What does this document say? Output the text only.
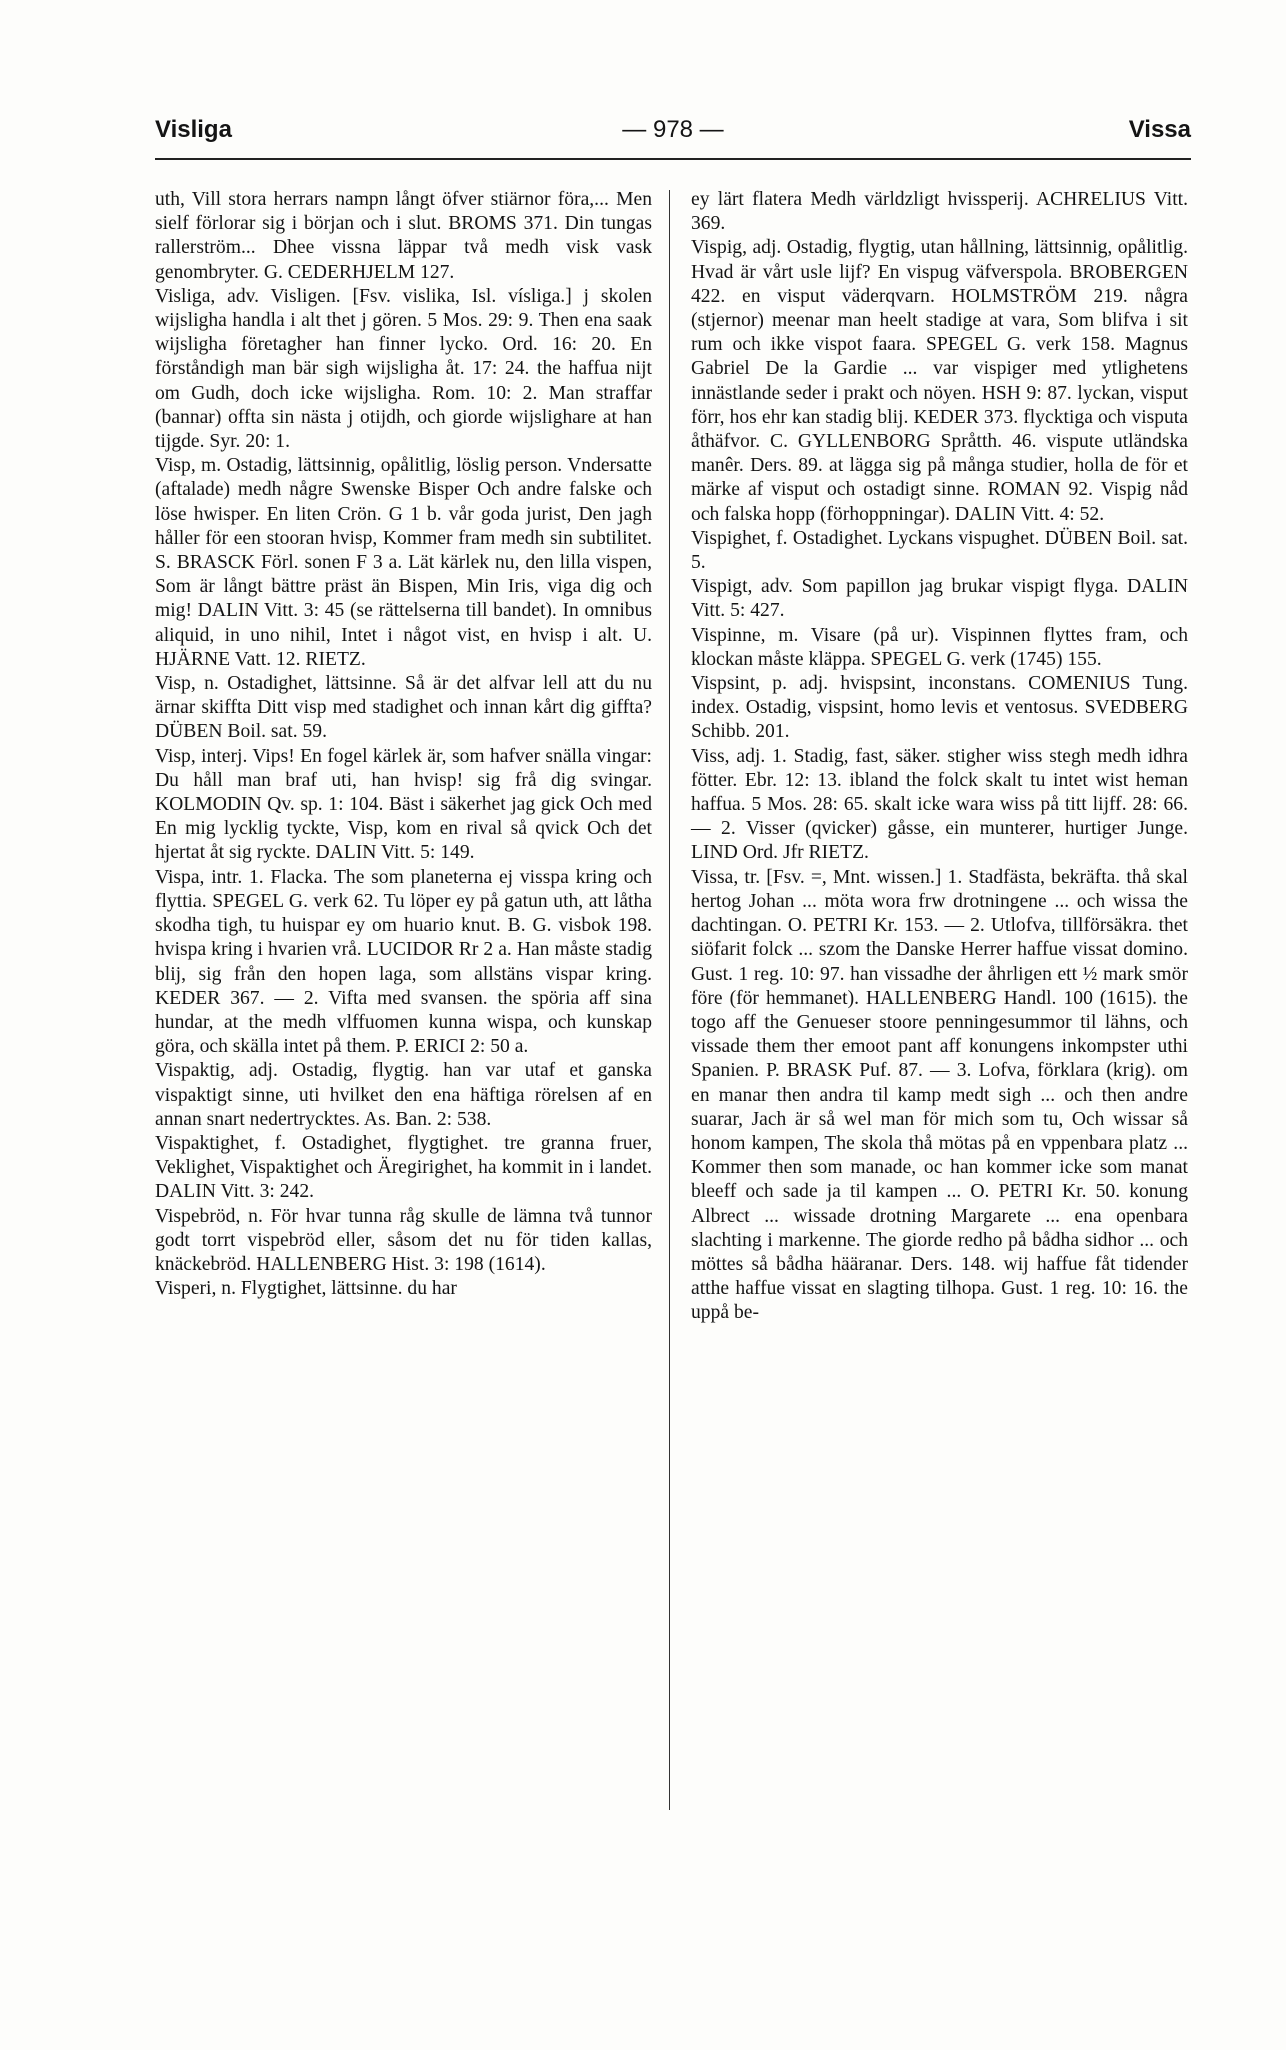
Visliga	— 978 —	Vissa

uth, Vill stora herrars nampn långt öfver stiärnor föra,... Men sielf förlorar sig i början och i slut. BROMS 371. Din tungas rallerström... Dhee vissna läppar två medh visk vask genombryter. G. CEDERHJELM 127.

Visliga, adv. Visligen. [Fsv. vislika, Isl. vísliga.] j skolen wijsligha handla i alt thet j gören. 5 Mos. 29: 9. Then ena saak wijsligha företagher han finner lycko. Ord. 16: 20. En förståndigh man bär sigh wijsligha åt. 17: 24. the haffua nijt om Gudh, doch icke wijsligha. Rom. 10: 2. Man straffar (bannar) offta sin nästa j otijdh, och giorde wijslighare at han tijgde. Syr. 20: 1.

Visp, m. Ostadig, lättsinnig, opålitlig, löslig person. Vndersatte (aftalade) medh någre Swenske Bisper Och andre falske och löse hwisper. En liten Crön. G 1 b. vår goda jurist, Den jagh håller för een stooran hvisp, Kommer fram medh sin subtilitet. S. BRASCK Förl. sonen F 3 a. Lät kärlek nu, den lilla vispen, Som är långt bättre präst än Bispen, Min Iris, viga dig och mig! DALIN Vitt. 3: 45 (se rättelserna till bandet). In omnibus aliquid, in uno nihil, Intet i något vist, en hvisp i alt. U. HJÄRNE Vatt. 12. RIETZ.

Visp, n. Ostadighet, lättsinne. Så är det alfvar lell att du nu ärnar skiffta Ditt visp med stadighet och innan kårt dig giffta? DÜBEN Boil. sat. 59.

Visp, interj. Vips! En fogel kärlek är, som hafver snälla vingar: Du håll man braf uti, han hvisp! sig frå dig svingar. KOLMODIN Qv. sp. 1: 104. Bäst i säkerhet jag gick Och med En mig lycklig tyckte, Visp, kom en rival så qvick Och det hjertat åt sig ryckte. DALIN Vitt. 5: 149.

Vispa, intr. 1. Flacka. The som planeterna ej visspa kring och flyttia. SPEGEL G. verk 62. Tu löper ey på gatun uth, att låtha skodha tigh, tu huispar ey om huario knut. B. G. visbok 198. hvispa kring i hvarien vrå. LUCIDOR Rr 2 a. Han måste stadig blij, sig från den hopen laga, som allstäns vispar kring. KEDER 367. — 2. Vifta med svansen. the spöria aff sina hundar, at the medh vlffuomen kunna wispa, och kunskap göra, och skälla intet på them. P. ERICI 2: 50 a.

Vispaktig, adj. Ostadig, flygtig. han var utaf et ganska vispaktigt sinne, uti hvilket den ena häftiga rörelsen af en annan snart nedertrycktes. As. Ban. 2: 538.

Vispaktighet, f. Ostadighet, flygtighet. tre granna fruer, Veklighet, Vispaktighet och Äregirighet, ha kommit in i landet. DALIN Vitt. 3: 242.

Vispebröd, n. För hvar tunna råg skulle de lämna två tunnor godt torrt vispebröd eller, såsom det nu för tiden kallas, knäckebröd. HALLENBERG Hist. 3: 198 (1614).

Visperi, n. Flygtighet, lättsinne. du har

ey lärt flatera Medh världzligt hvissperij. ACHRELIUS Vitt. 369.

Vispig, adj. Ostadig, flygtig, utan hållning, lättsinnig, opålitlig. Hvad är vårt usle lijf? En vispug väfverspola. BROBERGEN 422. en visput väderqvarn. HOLMSTRÖM 219. några (stjernor) meenar man heelt stadige at vara, Som blifva i sit rum och ikke vispot faara. SPEGEL G. verk 158. Magnus Gabriel De la Gardie ... var vispiger med ytlighetens innästlande seder i prakt och nöyen. HSH 9: 87. lyckan, visput förr, hos ehr kan stadig blij. KEDER 373. flycktiga och visputa åthäfvor. C. GYLLENBORG Språtth. 46. vispute utländska manêr. Ders. 89. at lägga sig på många studier, holla de för et märke af visput och ostadigt sinne. ROMAN 92. Vispig nåd och falska hopp (förhoppningar). DALIN Vitt. 4: 52.

Vispighet, f. Ostadighet. Lyckans vispughet. DÜBEN Boil. sat. 5.

Vispigt, adv. Som papillon jag brukar vispigt flyga. DALIN Vitt. 5: 427.

Vispinne, m. Visare (på ur). Vispinnen flyttes fram, och klockan måste kläppa. SPEGEL G. verk (1745) 155.

Vispsint, p. adj. hvispsint, inconstans. COMENIUS Tung. index. Ostadig, vispsint, homo levis et ventosus. SVEDBERG Schibb. 201.

Viss, adj. 1. Stadig, fast, säker. stigher wiss stegh medh idhra fötter. Ebr. 12: 13. ibland the folck skalt tu intet wist heman haffua. 5 Mos. 28: 65. skalt icke wara wiss på titt lijff. 28: 66. — 2. Visser (qvicker) gåsse, ein munterer, hurtiger Junge. LIND Ord. Jfr RIETZ.

Vissa, tr. [Fsv. =, Mnt. wissen.] 1. Stadfästa, bekräfta. thå skal hertog Johan ... möta wora frw drotningene ... och wissa the dachtingan. O. PETRI Kr. 153. — 2. Utlofva, tillförsäkra. thet siöfarit folck ... szom the Danske Herrer haffue vissat domino. Gust. 1 reg. 10: 97. han vissadhe der åhrligen ett ½ mark smör före (för hemmanet). HALLENBERG Handl. 100 (1615). the togo aff the Genueser stoore penningesummor til lähns, och vissade them ther emoot pant aff konungens inkompster uthi Spanien. P. BRASK Puf. 87. — 3. Lofva, förklara (krig). om en manar then andra til kamp medt sigh ... och then andre suarar, Jach är så wel man för mich som tu, Och wissar så honom kampen, The skola thå mötas på en vppenbara platz ... Kommer then som manade, oc han kommer icke som manat bleeff och sade ja til kampen ... O. PETRI Kr. 50. konung Albrect ... wissade drotning Margarete ... ena openbara slachting i markenne. The giorde redho på bådha sidhor ... och möttes så bådha hääranar. Ders. 148. wij haffue fåt tidender atthe haffue vissat en slagting tilhopa. Gust. 1 reg. 10: 16. the uppå be-
